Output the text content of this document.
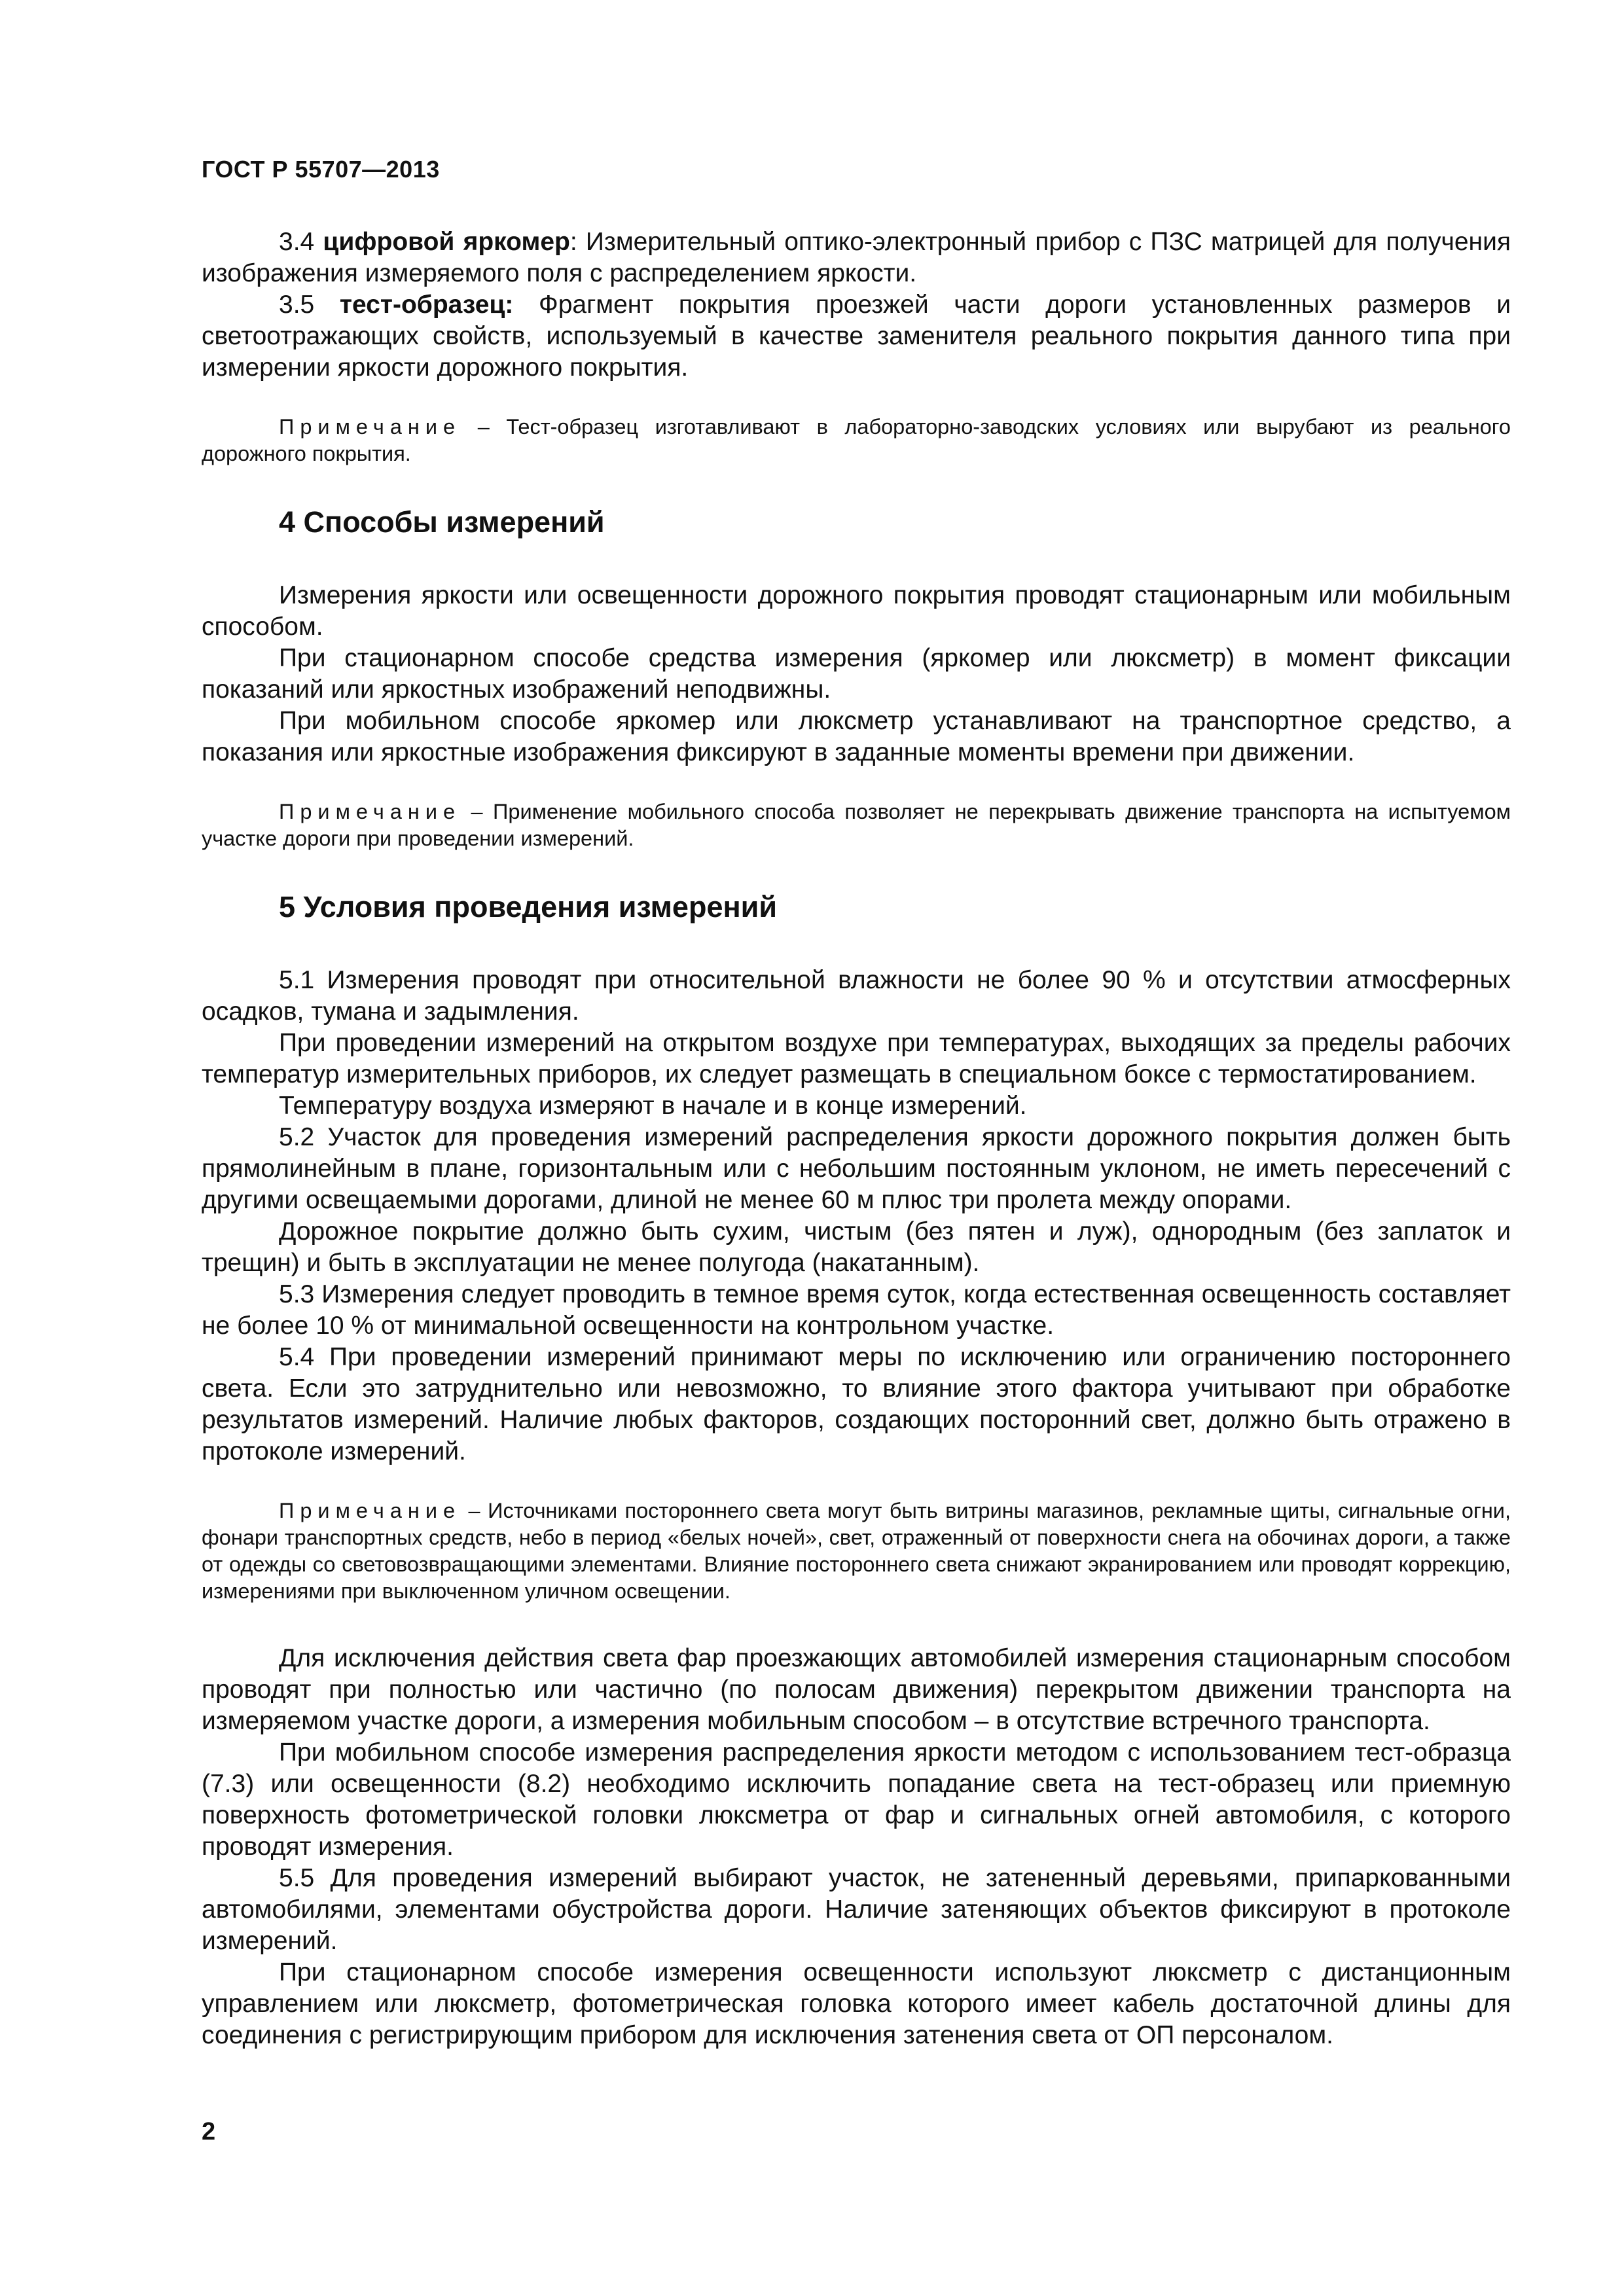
ГОСТ Р 55707—2013

3.4 цифровой яркомер: Измерительный оптико-электронный прибор с ПЗС матрицей для получения изображения измеряемого поля с распределением яркости.

3.5 тест-образец: Фрагмент покрытия проезжей части дороги установленных размеров и светоотражающих свойств, используемый в качестве заменителя реального покрытия данного типа при измерении яркости дорожного покрытия.

Примечание – Тест-образец изготавливают в лабораторно-заводских условиях или вырубают из реального дорожного покрытия.
4 Способы измерений

Измерения яркости или освещенности дорожного покрытия проводят стационарным или мобильным способом.

При стационарном способе средства измерения (яркомер или люксметр) в момент фиксации показаний или яркостных изображений неподвижны.

При мобильном способе яркомер или люксметр устанавливают на транспортное средство, а показания или яркостные изображения фиксируют в заданные моменты времени при движении.

Примечание – Применение мобильного способа позволяет не перекрывать движение транспорта на испытуемом участке дороги при проведении измерений.
5 Условия проведения измерений

5.1 Измерения проводят при относительной влажности не более 90 % и отсутствии атмосферных осадков, тумана и задымления.

При проведении измерений на открытом воздухе при температурах, выходящих за пределы рабочих температур измерительных приборов, их следует размещать в специальном боксе с термостатированием.

Температуру воздуха измеряют в начале и в конце измерений.

5.2 Участок для проведения измерений распределения яркости дорожного покрытия должен быть прямолинейным в плане, горизонтальным или с небольшим постоянным уклоном, не иметь пересечений с другими освещаемыми дорогами, длиной не менее 60 м плюс три пролета между опорами.

Дорожное покрытие должно быть сухим, чистым (без пятен и луж), однородным (без заплаток и трещин) и быть в эксплуатации не менее полугода (накатанным).

5.3 Измерения следует проводить в темное время суток, когда естественная освещенность составляет не более 10 % от минимальной освещенности на контрольном участке.

5.4 При проведении измерений принимают меры по исключению или ограничению постороннего света. Если это затруднительно или невозможно, то влияние этого фактора учитывают при обработке результатов измерений. Наличие любых факторов, создающих посторонний свет, должно быть отражено в протоколе измерений.

Примечание – Источниками постороннего света могут быть витрины магазинов, рекламные щиты, сигнальные огни, фонари транспортных средств, небо в период «белых ночей», свет, отраженный от поверхности снега на обочинах дороги, а также от одежды со световозвращающими элементами. Влияние постороннего света снижают экранированием или проводят коррекцию, измерениями при выключенном уличном освещении.

Для исключения действия света фар проезжающих автомобилей измерения стационарным способом проводят при полностью или частично (по полосам движения) перекрытом движении транспорта на измеряемом участке дороги, а измерения мобильным способом – в отсутствие встречного транспорта.

При мобильном способе измерения распределения яркости методом с использованием тест-образца (7.3) или освещенности (8.2) необходимо исключить попадание света на тест-образец или приемную поверхность фотометрической головки люксметра от фар и сигнальных огней автомобиля, с которого проводят измерения.

5.5 Для проведения измерений выбирают участок, не затененный деревьями, припаркованными автомобилями, элементами обустройства дороги. Наличие затеняющих объектов фиксируют в протоколе измерений.

При стационарном способе измерения освещенности используют люксметр с дистанционным управлением или люксметр, фотометрическая головка которого имеет кабель достаточной длины для соединения с регистрирующим прибором для исключения затенения света от ОП персоналом.

2
